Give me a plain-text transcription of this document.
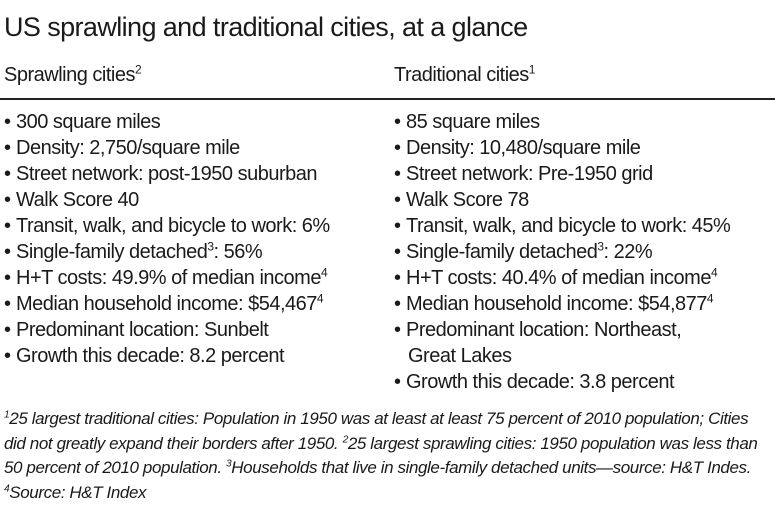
US sprawling and traditional cities, at a glance
Sprawling cities$^2$	Traditional cities$^1$
• 300 square miles
• Density: 2,750/square mile
• Street network: post-1950 suburban
• Walk Score 40
• Transit, walk, and bicycle to work: 6%
• Single-family detached$^3$: 56%
• H+T costs: 49.9% of median income$^4$
• Median household income: $54,467$^4$
• Predominant location: Sunbelt
• Growth this decade: 8.2 percent
• 85 square miles
• Density: 10,480/square mile
• Street network: Pre-1950 grid
• Walk Score 78
• Transit, walk, and bicycle to work: 45%
• Single-family detached$^3$: 22%
• H+T costs: 40.4% of median income$^4$
• Median household income: $54,877$^4$
• Predominant location: Northeast,
Great Lakes
• Growth this decade: 3.8 percent

$^1$25 largest traditional cities: Population in 1950 was at least at least 75 percent of 2010 population; Cities did not greatly expand their borders after 1950. $^2$25 largest sprawling cities: 1950 population was less than 50 percent of 2010 population. $^3$Households that live in single-family detached units—source: H&T Indes. $^4$Source: H&T Index
